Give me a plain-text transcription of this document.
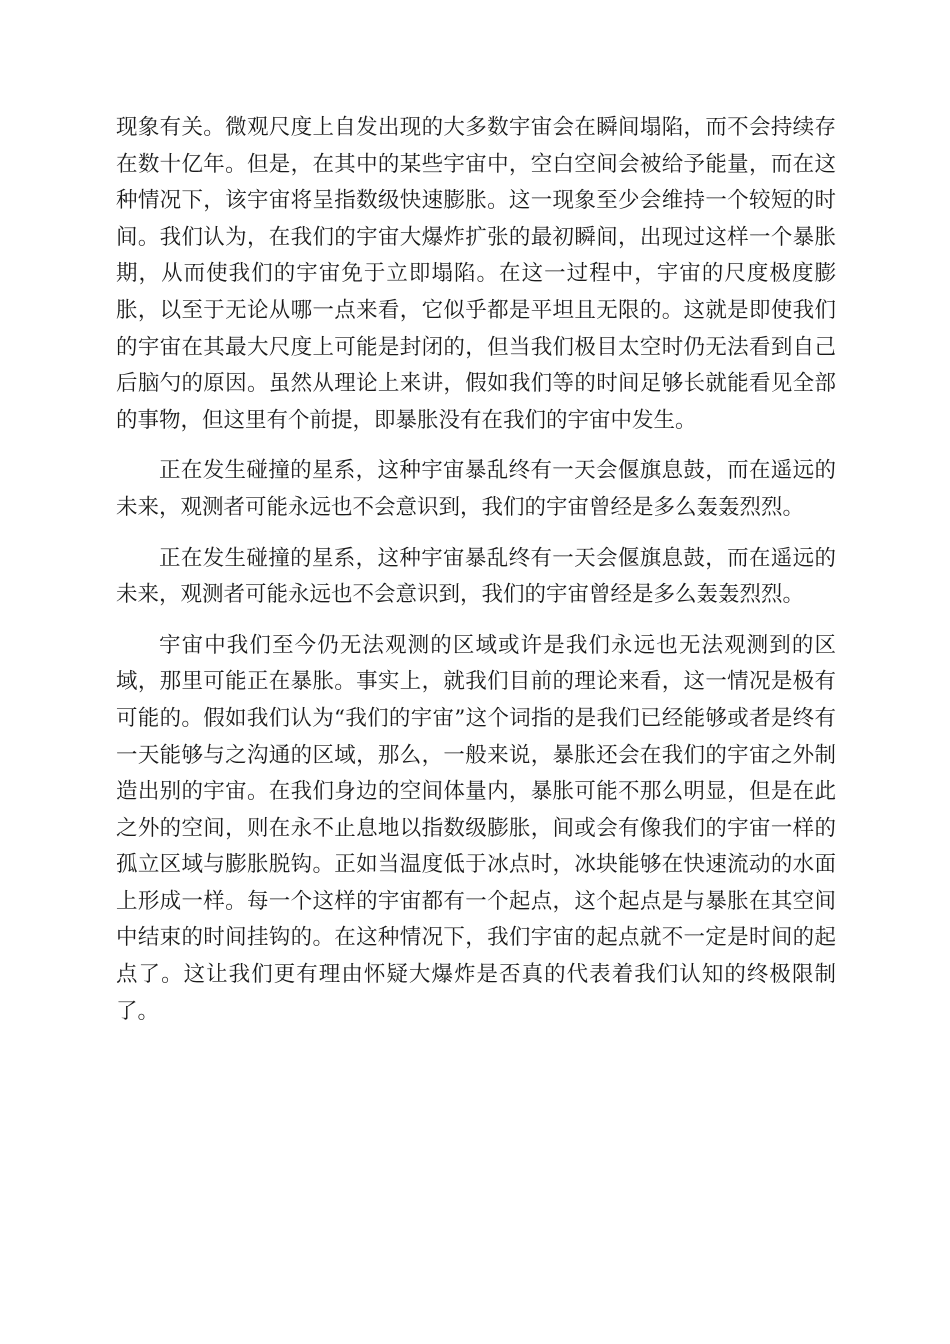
现象有关。微观尺度上自发出现的大多数宇宙会在瞬间塌陷，而不会持续存在数十亿年。但是，在其中的某些宇宙中，空白空间会被给予能量，而在这种情况下，该宇宙将呈指数级快速膨胀。这一现象至少会维持一个较短的时间。我们认为，在我们的宇宙大爆炸扩张的最初瞬间，出现过这样一个暴胀期，从而使我们的宇宙免于立即塌陷。在这一过程中，宇宙的尺度极度膨胀，以至于无论从哪一点来看，它似乎都是平坦且无限的。这就是即使我们的宇宙在其最大尺度上可能是封闭的，但当我们极目太空时仍无法看到自己后脑勺的原因。虽然从理论上来讲，假如我们等的时间足够长就能看见全部的事物，但这里有个前提，即暴胀没有在我们的宇宙中发生。

正在发生碰撞的星系，这种宇宙暴乱终有一天会偃旗息鼓，而在遥远的未来，观测者可能永远也不会意识到，我们的宇宙曾经是多么轰轰烈烈。

正在发生碰撞的星系，这种宇宙暴乱终有一天会偃旗息鼓，而在遥远的未来，观测者可能永远也不会意识到，我们的宇宙曾经是多么轰轰烈烈。

宇宙中我们至今仍无法观测的区域或许是我们永远也无法观测到的区域，那里可能正在暴胀。事实上，就我们目前的理论来看，这一情况是极有可能的。假如我们认为“我们的宇宙”这个词指的是我们已经能够或者是终有一天能够与之沟通的区域，那么，一般来说，暴胀还会在我们的宇宙之外制造出别的宇宙。在我们身边的空间体量内，暴胀可能不那么明显，但是在此之外的空间，则在永不止息地以指数级膨胀，间或会有像我们的宇宙一样的孤立区域与膨胀脱钩。正如当温度低于冰点时，冰块能够在快速流动的水面上形成一样。每一个这样的宇宙都有一个起点，这个起点是与暴胀在其空间中结束的时间挂钩的。在这种情况下，我们宇宙的起点就不一定是时间的起点了。这让我们更有理由怀疑大爆炸是否真的代表着我们认知的终极限制了。
